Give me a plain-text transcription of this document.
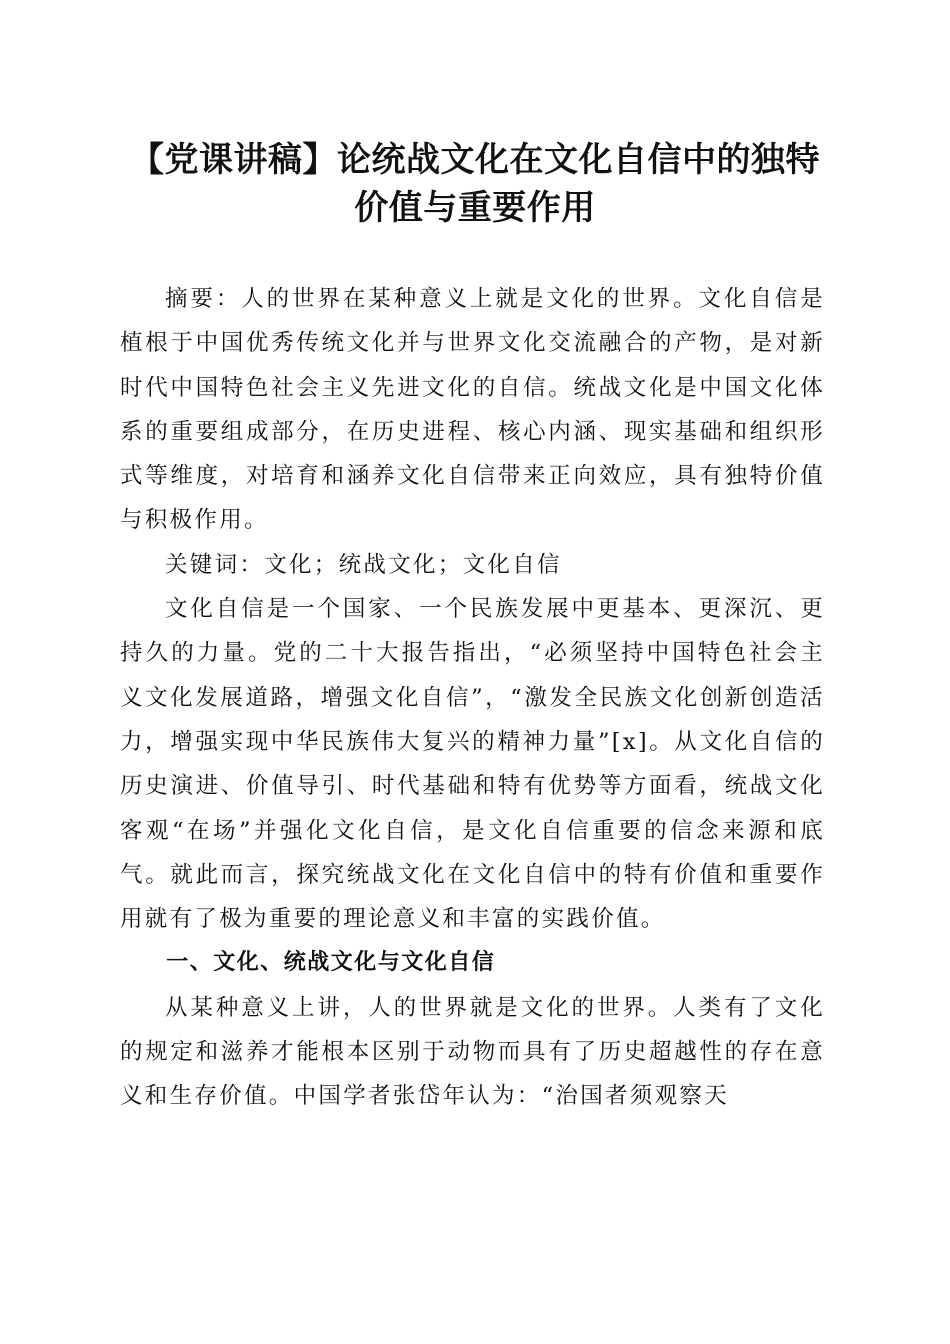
【党课讲稿】论统战文化在文化自信中的独特
价值与重要作用

摘要：人的世界在某种意义上就是文化的世界。文化自信是植根于中国优秀传统文化并与世界文化交流融合的产物，是对新时代中国特色社会主义先进文化的自信。统战文化是中国文化体系的重要组成部分，在历史进程、核心内涵、现实基础和组织形式等维度，对培育和涵养文化自信带来正向效应，具有独特价值与积极作用。

关键词：文化；统战文化；文化自信

文化自信是一个国家、一个民族发展中更基本、更深沉、更持久的力量。党的二十大报告指出，“必须坚持中国特色社会主义文化发展道路，增强文化自信”，“激发全民族文化创新创造活力，增强实现中华民族伟大复兴的精神力量”[x]。从文化自信的历史演进、价值导引、时代基础和特有优势等方面看，统战文化客观“在场”并强化文化自信，是文化自信重要的信念来源和底气。就此而言，探究统战文化在文化自信中的特有价值和重要作用就有了极为重要的理论意义和丰富的实践价值。

一、文化、统战文化与文化自信

从某种意义上讲，人的世界就是文化的世界。人类有了文化的规定和滋养才能根本区别于动物而具有了历史超越性的存在意义和生存价值。中国学者张岱年认为：“治国者须观察天
